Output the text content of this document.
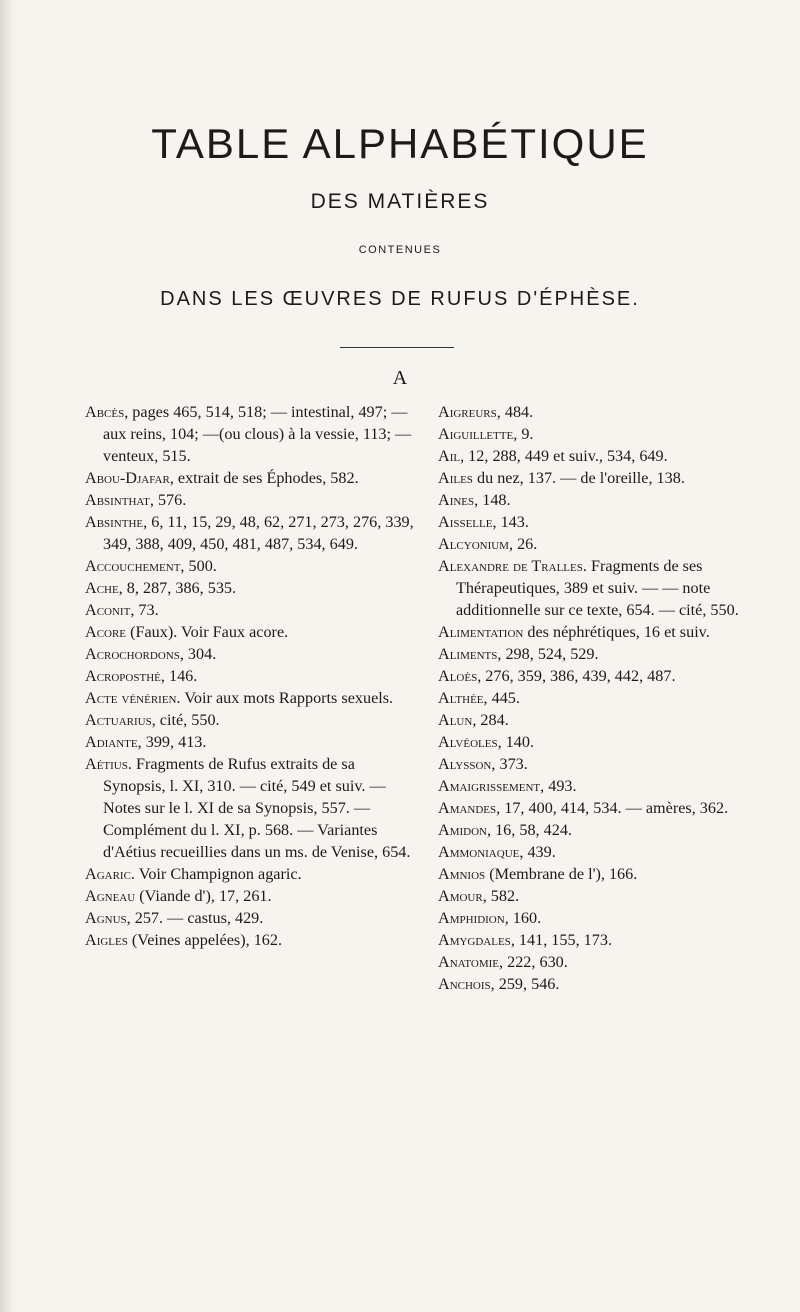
TABLE ALPHABÉTIQUE
DES MATIÈRES
CONTENUES
DANS LES ŒUVRES DE RUFUS D'ÉPHÈSE.
A
Abcès, pages 465, 514, 518; — intestinal, 497; — aux reins, 104; —(ou clous) à la vessie, 113; — venteux, 515.
Abou-Djafar, extrait de ses Éphodes, 582.
Absinthat, 576.
Absinthe, 6, 11, 15, 29, 48, 62, 271, 273, 276, 339, 349, 388, 409, 450, 481, 487, 534, 649.
Accouchement, 500.
Ache, 8, 287, 386, 535.
Aconit, 73.
Acore (Faux). Voir Faux acore.
Acrochordons, 304.
Acroposthé, 146.
Acte vénérien. Voir aux mots Rapports sexuels.
Actuarius, cité, 550.
Adiante, 399, 413.
Aétius. Fragments de Rufus extraits de sa Synopsis, l. XI, 310. — cité, 549 et suiv. — Notes sur le l. XI de sa Synopsis, 557. — Complément du l. XI, p. 568. — Variantes d'Aétius recueillies dans un ms. de Venise, 654.
Agaric. Voir Champignon agaric.
Agneau (Viande d'), 17, 261.
Agnus, 257. — castus, 429.
Aigles (Veines appelées), 162.
Aigreurs, 484.
Aiguillette, 9.
Ail, 12, 288, 449 et suiv., 534, 649.
Ailes du nez, 137. — de l'oreille, 138.
Aines, 148.
Aisselle, 143.
Alcyonium, 26.
Alexandre de Tralles. Fragments de ses Thérapeutiques, 389 et suiv. — — note additionnelle sur ce texte, 654. — cité, 550.
Alimentation des néphrétiques, 16 et suiv.
Aliments, 298, 524, 529.
Aloès, 276, 359, 386, 439, 442, 487.
Althée, 445.
Alun, 284.
Alvéoles, 140.
Alysson, 373.
Amaigrissement, 493.
Amandes, 17, 400, 414, 534. — amères, 362.
Amidon, 16, 58, 424.
Ammoniaque, 439.
Amnios (Membrane de l'), 166.
Amour, 582.
Amphidion, 160.
Amygdales, 141, 155, 173.
Anatomie, 222, 630.
Anchois, 259, 546.
